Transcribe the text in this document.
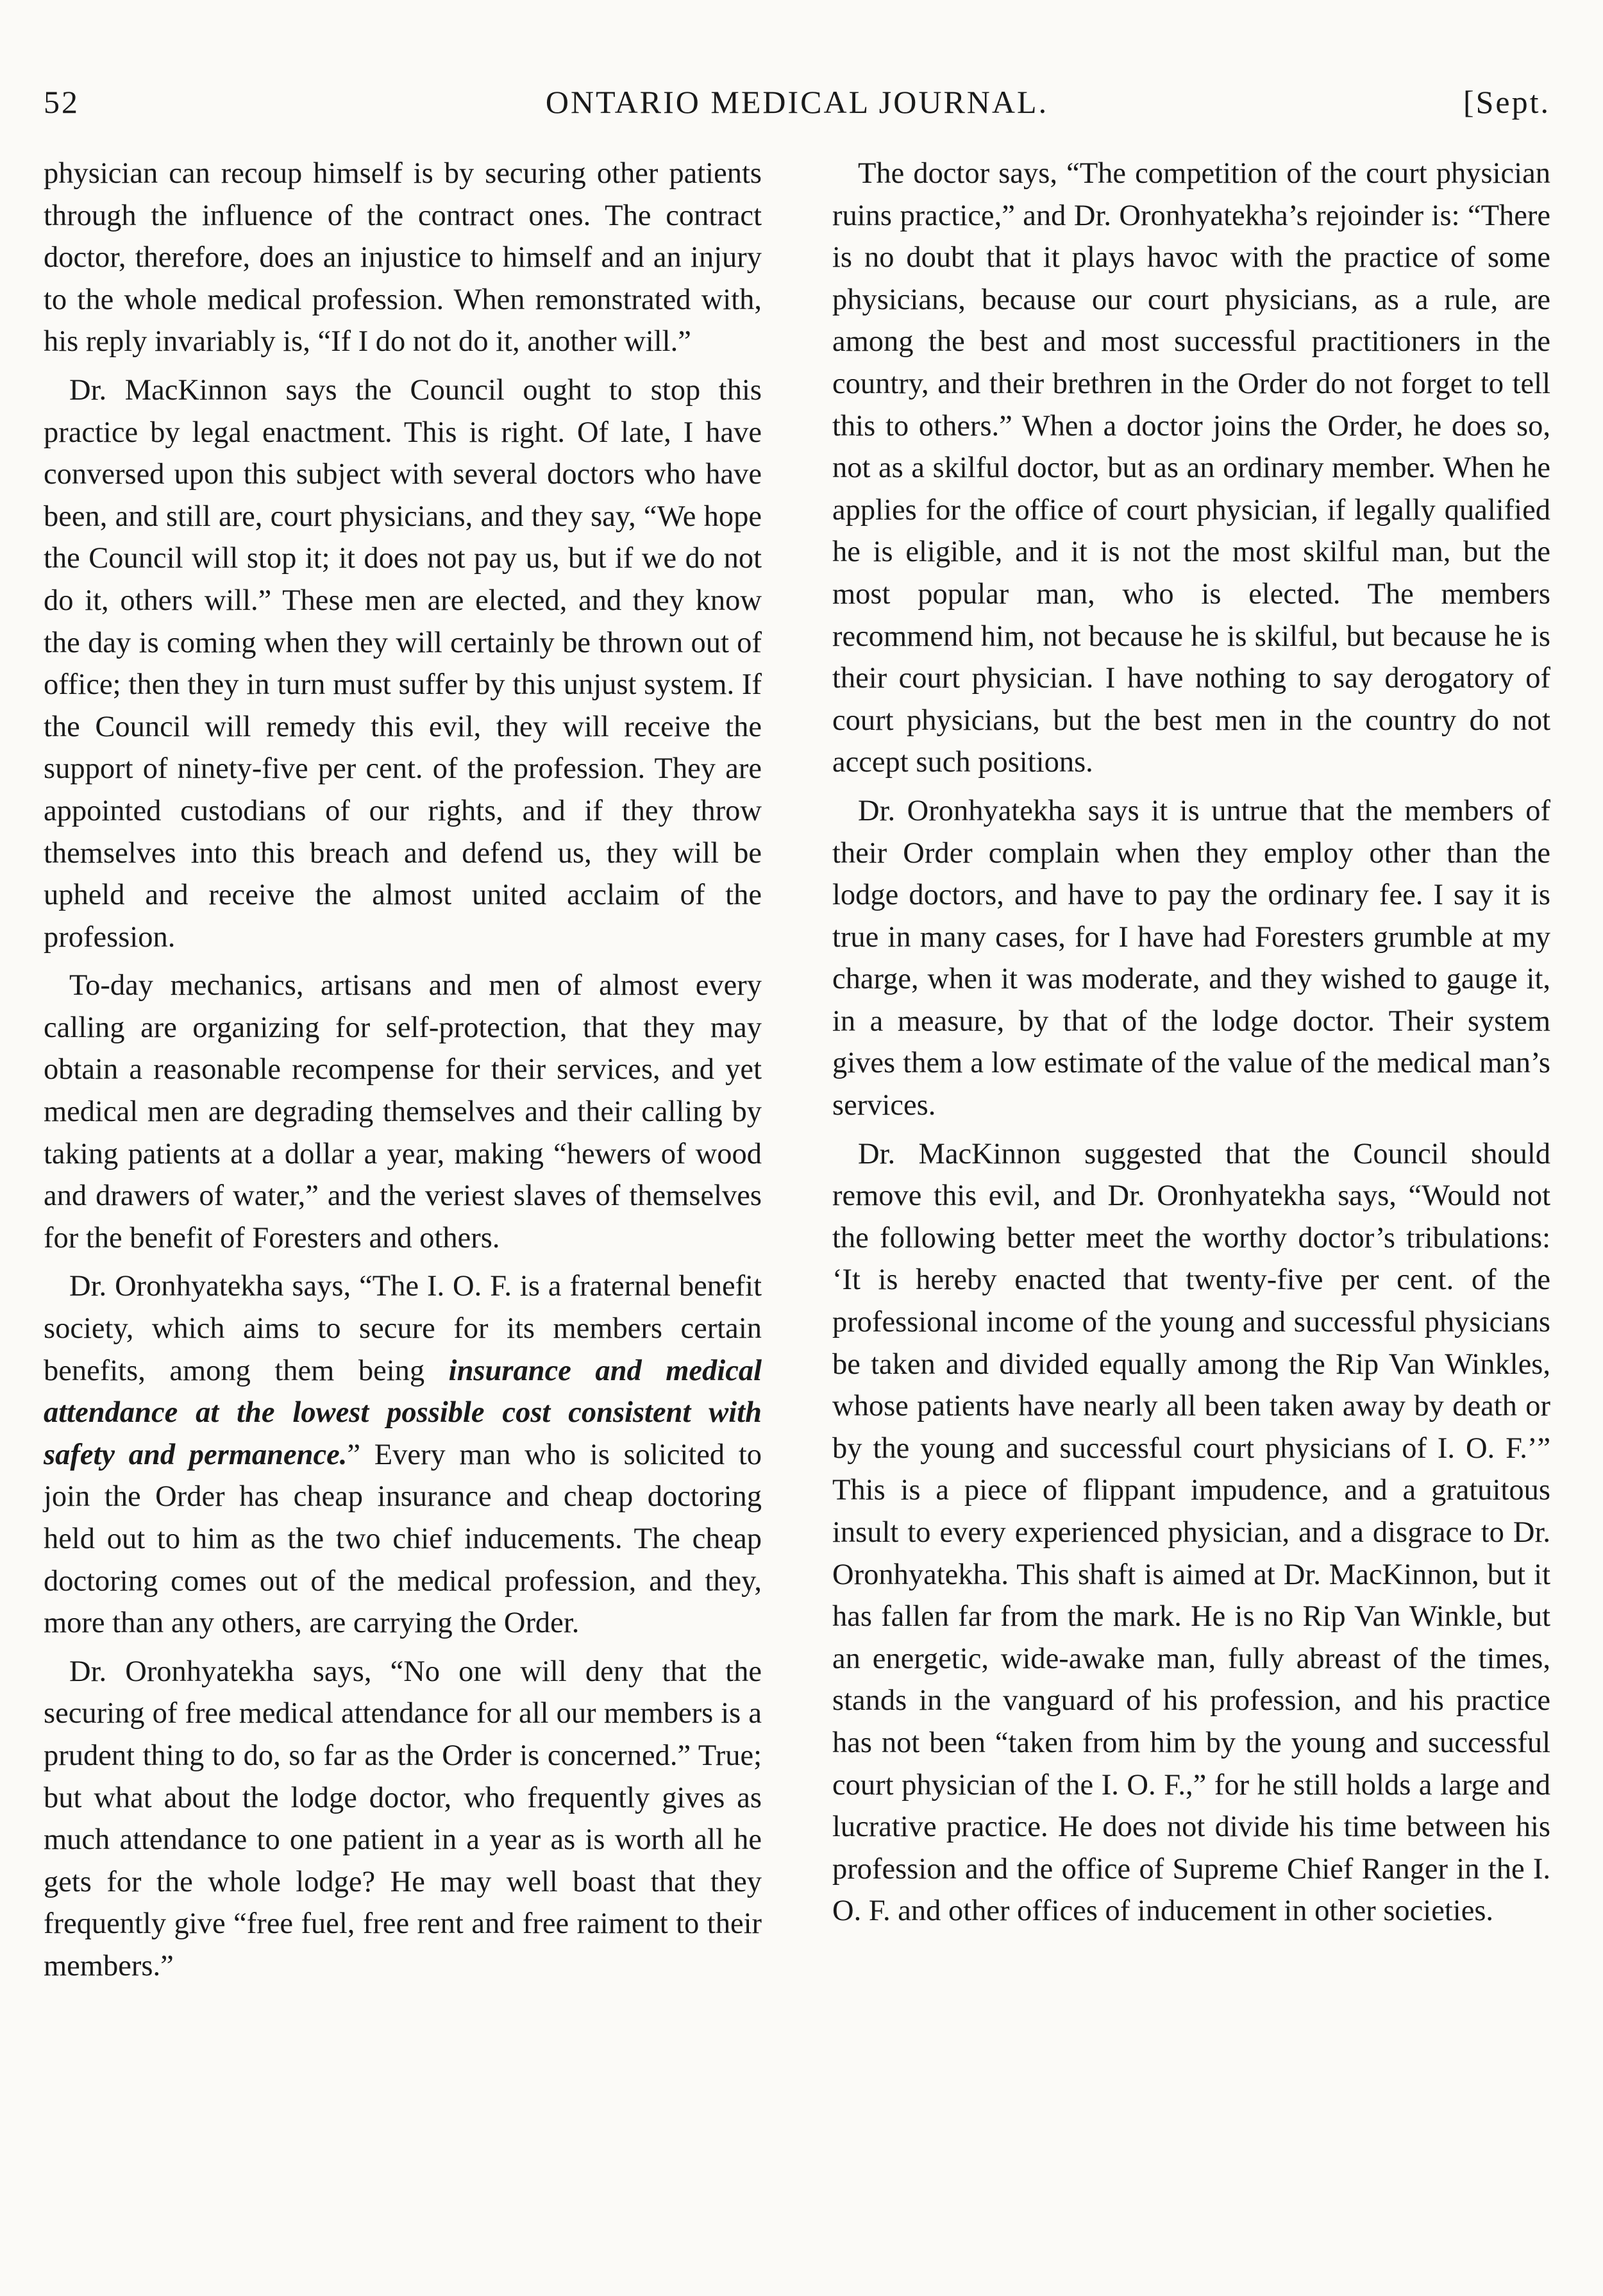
52	ONTARIO MEDICAL JOURNAL.	[Sept.

physician can recoup himself is by securing other patients through the influence of the contract ones. The contract doctor, therefore, does an injustice to himself and an injury to the whole medical profession. When remonstrated with, his reply invariably is, “If I do not do it, another will.”

Dr. MacKinnon says the Council ought to stop this practice by legal enactment. This is right. Of late, I have conversed upon this subject with several doctors who have been, and still are, court physicians, and they say, “We hope the Council will stop it; it does not pay us, but if we do not do it, others will.” These men are elected, and they know the day is coming when they will certainly be thrown out of office; then they in turn must suffer by this unjust system. If the Council will remedy this evil, they will receive the support of ninety-five per cent. of the profession. They are appointed custodians of our rights, and if they throw themselves into this breach and defend us, they will be upheld and receive the almost united acclaim of the profession.

To-day mechanics, artisans and men of almost every calling are organizing for self-protection, that they may obtain a reasonable recompense for their services, and yet medical men are degrading themselves and their calling by taking patients at a dollar a year, making “hewers of wood and drawers of water,” and the veriest slaves of themselves for the benefit of Foresters and others.

Dr. Oronhyatekha says, “The I. O. F. is a fraternal benefit society, which aims to secure for its members certain benefits, among them being insurance and medical attendance at the lowest possible cost consistent with safety and permanence.” Every man who is solicited to join the Order has cheap insurance and cheap doctoring held out to him as the two chief inducements. The cheap doctoring comes out of the medical profession, and they, more than any others, are carrying the Order.

Dr. Oronhyatekha says, “No one will deny that the securing of free medical attendance for all our members is a prudent thing to do, so far as the Order is concerned.” True; but what about the lodge doctor, who frequently gives as much attendance to one patient in a year as is worth all he gets for the whole lodge? He may well boast that they frequently give “free fuel, free rent and free raiment to their members.”

The doctor says, “The competition of the court physician ruins practice,” and Dr. Oronhyatekha’s rejoinder is: “There is no doubt that it plays havoc with the practice of some physicians, because our court physicians, as a rule, are among the best and most successful practitioners in the country, and their brethren in the Order do not forget to tell this to others.” When a doctor joins the Order, he does so, not as a skilful doctor, but as an ordinary member. When he applies for the office of court physician, if legally qualified he is eligible, and it is not the most skilful man, but the most popular man, who is elected. The members recommend him, not because he is skilful, but because he is their court physician. I have nothing to say derogatory of court physicians, but the best men in the country do not accept such positions.

Dr. Oronhyatekha says it is untrue that the members of their Order complain when they employ other than the lodge doctors, and have to pay the ordinary fee. I say it is true in many cases, for I have had Foresters grumble at my charge, when it was moderate, and they wished to gauge it, in a measure, by that of the lodge doctor. Their system gives them a low estimate of the value of the medical man’s services.

Dr. MacKinnon suggested that the Council should remove this evil, and Dr. Oronhyatekha says, “Would not the following better meet the worthy doctor’s tribulations: ‘It is hereby enacted that twenty-five per cent. of the professional income of the young and successful physicians be taken and divided equally among the Rip Van Winkles, whose patients have nearly all been taken away by death or by the young and successful court physicians of I. O. F.’” This is a piece of flippant impudence, and a gratuitous insult to every experienced physician, and a disgrace to Dr. Oronhyatekha. This shaft is aimed at Dr. MacKinnon, but it has fallen far from the mark. He is no Rip Van Winkle, but an energetic, wide-awake man, fully abreast of the times, stands in the vanguard of his profession, and his practice has not been “taken from him by the young and successful court physician of the I. O. F.,” for he still holds a large and lucrative practice. He does not divide his time between his profession and the office of Supreme Chief Ranger in the I. O. F. and other offices of inducement in other societies.
